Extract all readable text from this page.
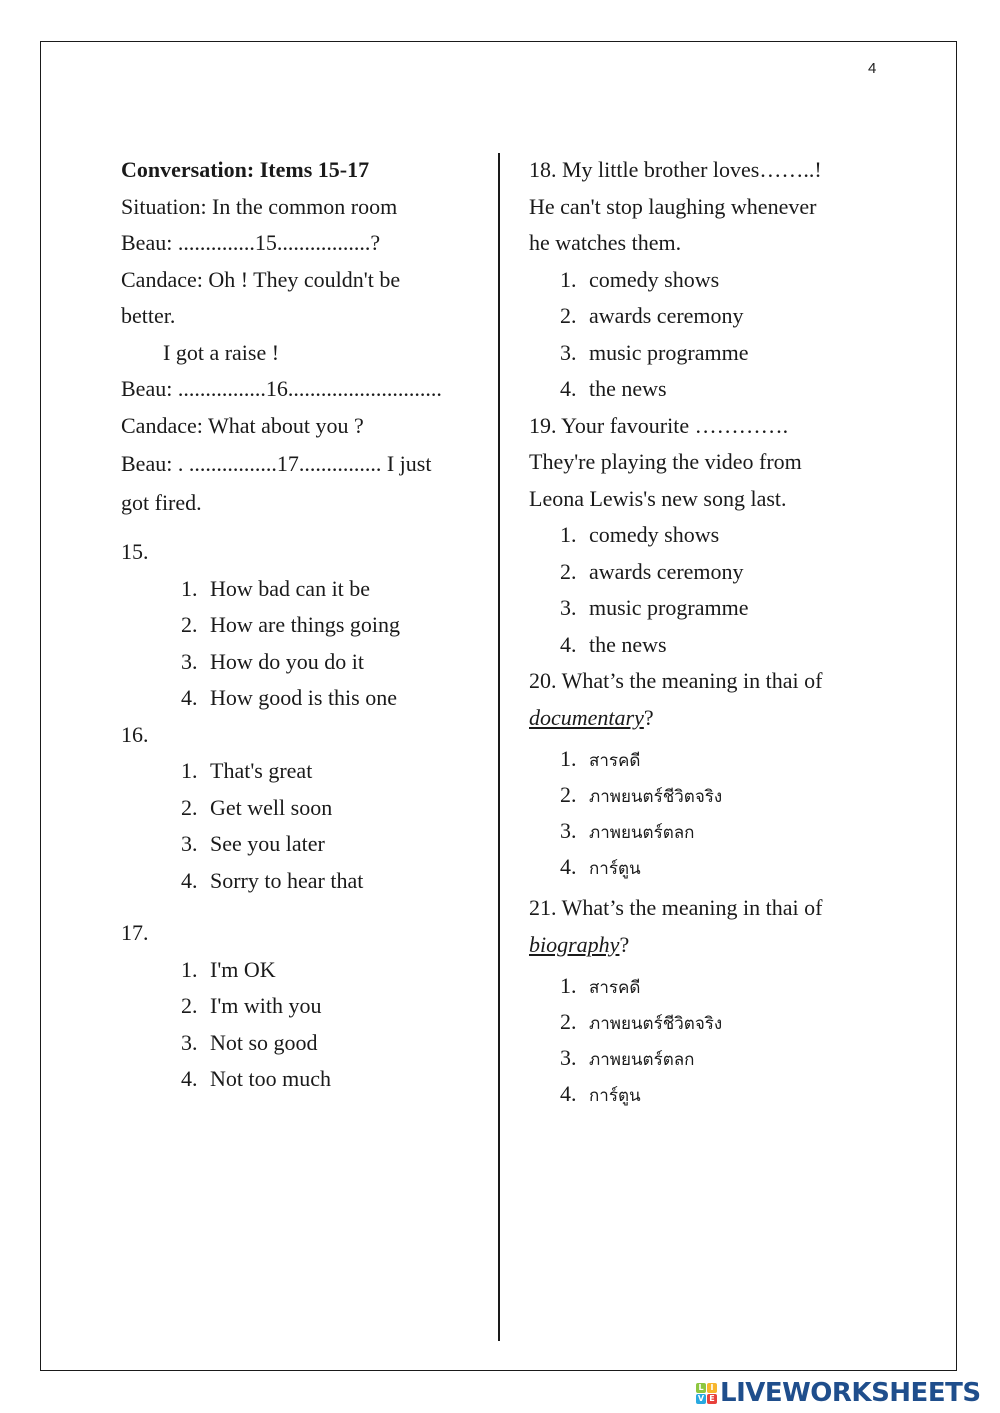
4
Conversation: Items 15-17
Situation: In the common room
Beau: ..............15.................?
Candace: Oh ! They couldn't be
better.
I got a raise !
Beau: ................16............................
Candace: What about you ?
Beau: . ................17............... I just
got fired.
15.
1. How bad can it be
2. How are things going
3. How do you do it
4. How good is this one
16.
1. That's great
2. Get well soon
3. See you later
4. Sorry to hear that
17.
1. I'm OK
2. I'm with you
3. Not so good
4. Not too much
18. My little brother loves……..!
He can't stop laughing whenever
he watches them.
1. comedy shows
2. awards ceremony
3. music programme
4. the news
19. Your favourite ………….
They're playing the video from
Leona Lewis's new song last.
1. comedy shows
2. awards ceremony
3. music programme
4. the news
20. What’s the meaning in thai of
documentary?
1. สารคดี
2. ภาพยนตร์ชีวิตจริง
3. ภาพยนตร์ตลก
4. การ์ตูน
21. What’s the meaning in thai of
biography?
1. สารคดี
2. ภาพยนตร์ชีวิตจริง
3. ภาพยนตร์ตลก
4. การ์ตูน
L I
V E LIVEWORKSHEETS
